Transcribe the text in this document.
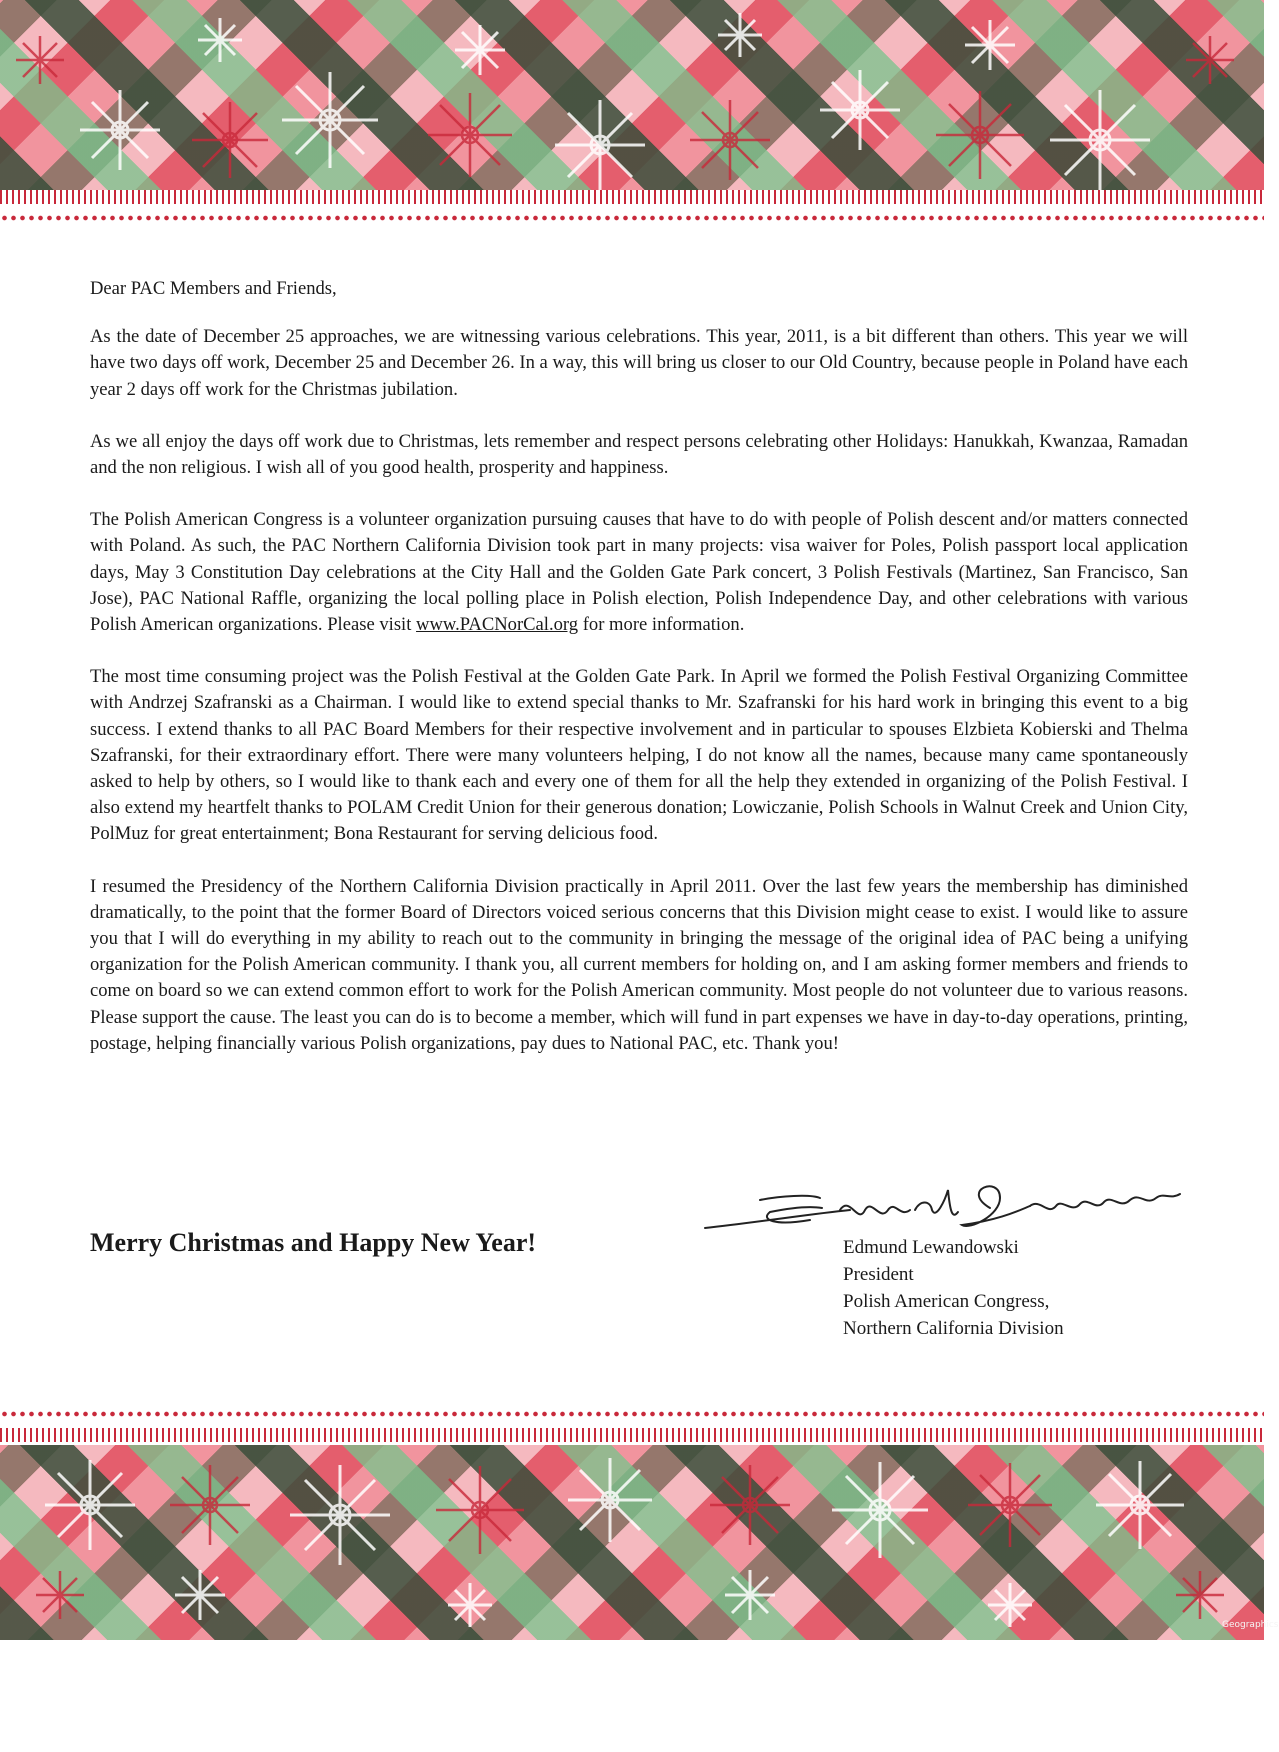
Dear PAC Members and Friends,

As the date of December 25 approaches, we are witnessing various celebrations. This year, 2011, is a bit different than others. This year we will have two days off work, December 25 and December 26. In a way, this will bring us closer to our Old Country, because people in Poland have each year 2 days off work for the Christmas jubilation.

As we all enjoy the days off work due to Christmas, lets remember and respect persons celebrating other Holidays: Hanukkah, Kwanzaa, Ramadan and the non religious. I wish all of you good health, prosperity and happiness.

The Polish American Congress is a volunteer organization pursuing causes that have to do with people of Polish descent and/or matters connected with Poland. As such, the PAC Northern California Division took part in many projects: visa waiver for Poles, Polish passport local application days, May 3 Constitution Day celebrations at the City Hall and the Golden Gate Park concert, 3 Polish Festivals (Martinez, San Francisco, San Jose), PAC National Raffle, organizing the local polling place in Polish election, Polish Independence Day, and other celebrations with various Polish American organizations. Please visit www.PACNorCal.org for more information.

The most time consuming project was the Polish Festival at the Golden Gate Park. In April we formed the Polish Festival Organizing Committee with Andrzej Szafranski as a Chairman. I would like to extend special thanks to Mr. Szafranski for his hard work in bringing this event to a big success. I extend thanks to all PAC Board Members for their respective involvement and in particular to spouses Elzbieta Kobierski and Thelma Szafranski, for their extraordinary effort. There were many volunteers helping, I do not know all the names, because many came spontaneously asked to help by others, so I would like to thank each and every one of them for all the help they extended in organizing of the Polish Festival. I also extend my heartfelt thanks to POLAM Credit Union for their generous donation; Lowiczanie, Polish Schools in Walnut Creek and Union City, PolMuz for great entertainment; Bona Restaurant for serving delicious food.

I resumed the Presidency of the Northern California Division practically in April 2011. Over the last few years the membership has diminished dramatically, to the point that the former Board of Directors voiced serious concerns that this Division might cease to exist. I would like to assure you that I will do everything in my ability to reach out to the community in bringing the message of the original idea of PAC being a unifying organization for the Polish American community. I thank you, all current members for holding on, and I am asking former members and friends to come on board so we can extend common effort to work for the Polish American community. Most people do not volunteer due to various reasons. Please support the cause. The least you can do is to become a member, which will fund in part expenses we have in day-to-day operations, printing, postage, helping financially various Polish organizations, pay dues to National PAC, etc. Thank you!

Merry Christmas and Happy New Year!	Edmund Lewandowski
President
Polish American Congress,
Northern California Division
Geographics
